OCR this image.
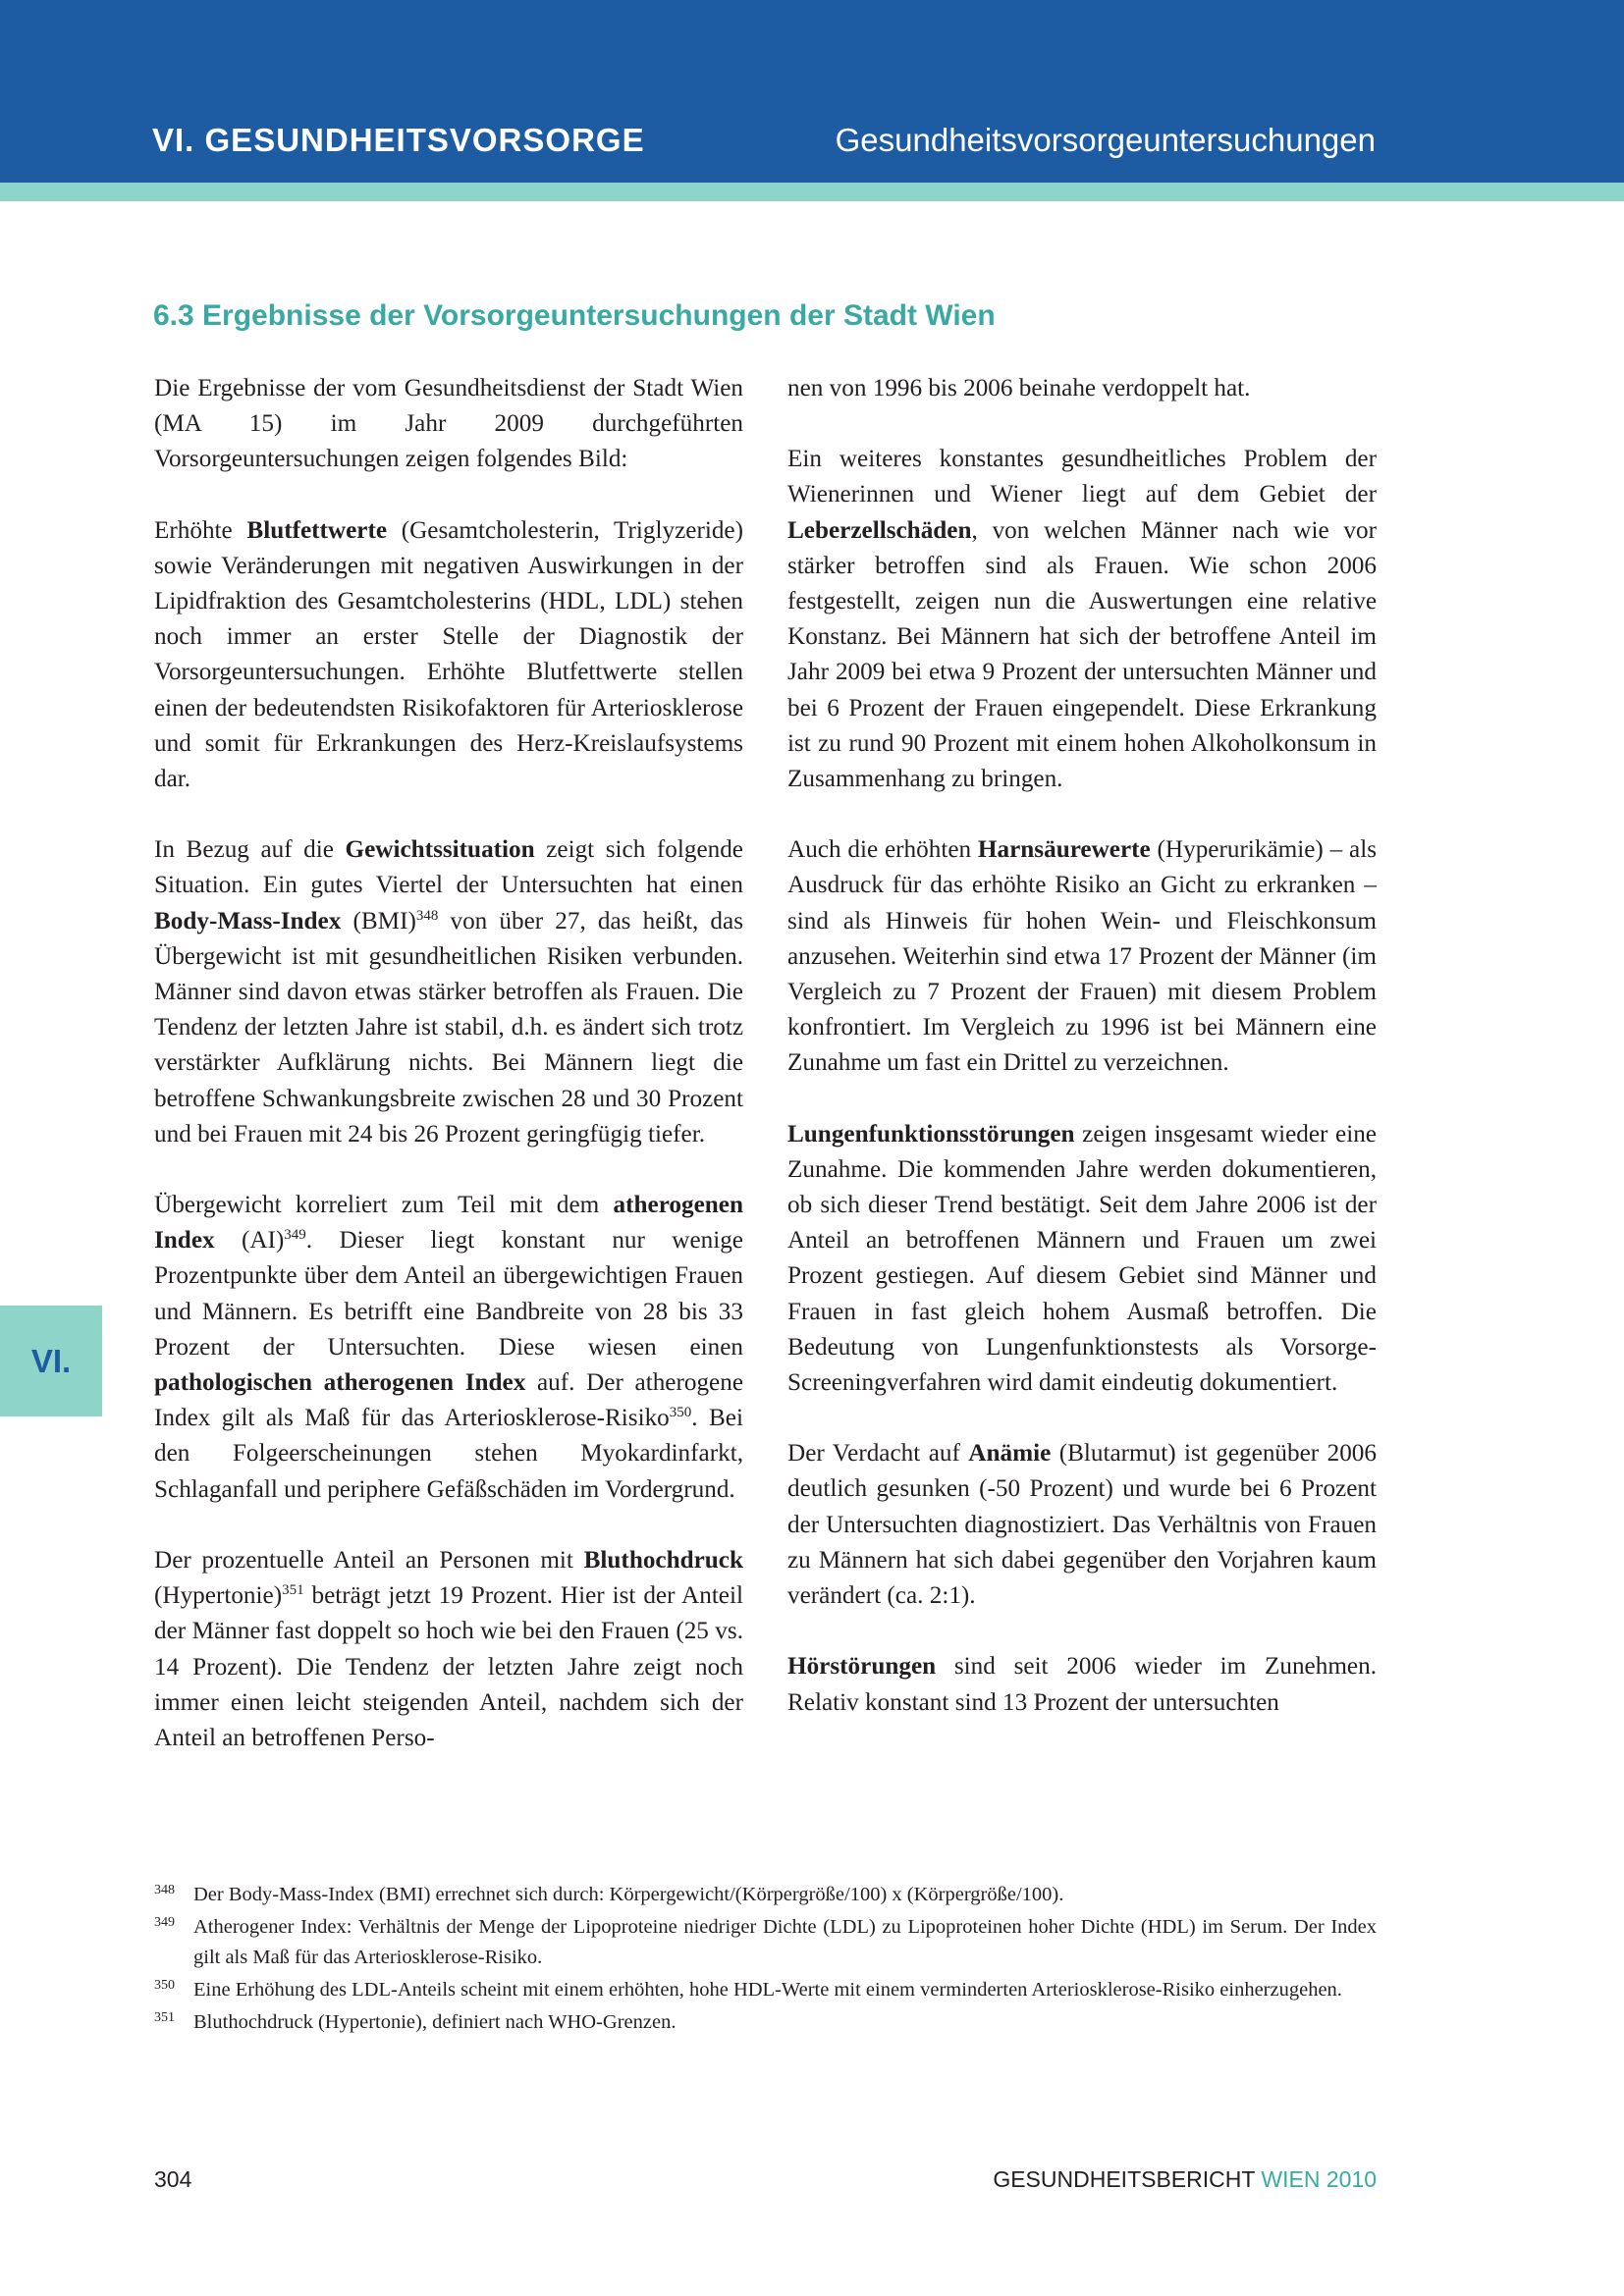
VI. GESUNDHEITSVORSORGE	Gesundheitsvorsorgeuntersuchungen
6.3 Ergebnisse der Vorsorgeuntersuchungen der Stadt Wien
VI.

Die Ergebnisse der vom Gesundheitsdienst der Stadt Wien (MA 15) im Jahr 2009 durchgeführten Vorsorgeuntersuchungen zeigen folgendes Bild:

Erhöhte Blutfettwerte (Gesamtcholesterin, Triglyzeride) sowie Veränderungen mit negativen Auswirkungen in der Lipidfraktion des Gesamtcholesterins (HDL, LDL) stehen noch immer an erster Stelle der Diagnostik der Vorsorgeuntersuchungen. Erhöhte Blutfettwerte stellen einen der bedeutendsten Risikofaktoren für Arteriosklerose und somit für Erkrankungen des Herz-Kreislaufsystems dar.

In Bezug auf die Gewichtssituation zeigt sich folgende Situation. Ein gutes Viertel der Untersuchten hat einen Body-Mass-Index (BMI)$^{348}$ von über 27, das heißt, das Übergewicht ist mit gesundheitlichen Risiken verbunden. Männer sind davon etwas stärker betroffen als Frauen. Die Tendenz der letzten Jahre ist stabil, d.h. es ändert sich trotz verstärkter Aufklärung nichts. Bei Männern liegt die betroffene Schwankungsbreite zwischen 28 und 30 Prozent und bei Frauen mit 24 bis 26 Prozent geringfügig tiefer.

Übergewicht korreliert zum Teil mit dem atherogenen Index (AI)$^{349}$. Dieser liegt konstant nur wenige Prozentpunkte über dem Anteil an übergewichtigen Frauen und Männern. Es betrifft eine Bandbreite von 28 bis 33 Prozent der Untersuchten. Diese wiesen einen pathologischen atherogenen Index auf. Der atherogene Index gilt als Maß für das Arteriosklerose-Risiko$^{350}$. Bei den Folgeerscheinungen stehen Myokardinfarkt, Schlaganfall und periphere Gefäßschäden im Vordergrund.

Der prozentuelle Anteil an Personen mit Bluthochdruck (Hypertonie)$^{351}$ beträgt jetzt 19 Prozent. Hier ist der Anteil der Männer fast doppelt so hoch wie bei den Frauen (25 vs. 14 Prozent). Die Tendenz der letzten Jahre zeigt noch immer einen leicht steigenden Anteil, nachdem sich der Anteil an betroffenen Perso-

nen von 1996 bis 2006 beinahe verdoppelt hat.

Ein weiteres konstantes gesundheitliches Problem der Wienerinnen und Wiener liegt auf dem Gebiet der Leberzellschäden, von welchen Männer nach wie vor stärker betroffen sind als Frauen. Wie schon 2006 festgestellt, zeigen nun die Auswertungen eine relative Konstanz. Bei Männern hat sich der betroffene Anteil im Jahr 2009 bei etwa 9 Prozent der untersuchten Männer und bei 6 Prozent der Frauen eingependelt. Diese Erkrankung ist zu rund 90 Prozent mit einem hohen Alkoholkonsum in Zusammenhang zu bringen.

Auch die erhöhten Harnsäurewerte (Hyperurikämie) – als Ausdruck für das erhöhte Risiko an Gicht zu erkranken – sind als Hinweis für hohen Wein- und Fleischkonsum anzusehen. Weiterhin sind etwa 17 Prozent der Männer (im Vergleich zu 7 Prozent der Frauen) mit diesem Problem konfrontiert. Im Vergleich zu 1996 ist bei Männern eine Zunahme um fast ein Drittel zu verzeichnen.

Lungenfunktionsstörungen zeigen insgesamt wieder eine Zunahme. Die kommenden Jahre werden dokumentieren, ob sich dieser Trend bestätigt. Seit dem Jahre 2006 ist der Anteil an betroffenen Männern und Frauen um zwei Prozent gestiegen. Auf diesem Gebiet sind Männer und Frauen in fast gleich hohem Ausmaß betroffen. Die Bedeutung von Lungenfunktionstests als Vorsorge-Screeningverfahren wird damit eindeutig dokumentiert.

Der Verdacht auf Anämie (Blutarmut) ist gegenüber 2006 deutlich gesunken (-50 Prozent) und wurde bei 6 Prozent der Untersuchten diagnostiziert. Das Verhältnis von Frauen zu Männern hat sich dabei gegenüber den Vorjahren kaum verändert (ca. 2:1).

Hörstörungen sind seit 2006 wieder im Zunehmen. Relativ konstant sind 13 Prozent der untersuchten

348 Der Body-Mass-Index (BMI) errechnet sich durch: Körpergewicht/(Körpergröße/100) x (Körpergröße/100).
349 Atherogener Index: Verhältnis der Menge der Lipoproteine niedriger Dichte (LDL) zu Lipoproteinen hoher Dichte (HDL) im Serum. Der Index gilt als Maß für das Arteriosklerose-Risiko.
350 Eine Erhöhung des LDL-Anteils scheint mit einem erhöhten, hohe HDL-Werte mit einem verminderten Arteriosklerose-Risiko einherzugehen.
351 Bluthochdruck (Hypertonie), definiert nach WHO-Grenzen.
304	GESUNDHEITSBERICHT WIEN 2010
